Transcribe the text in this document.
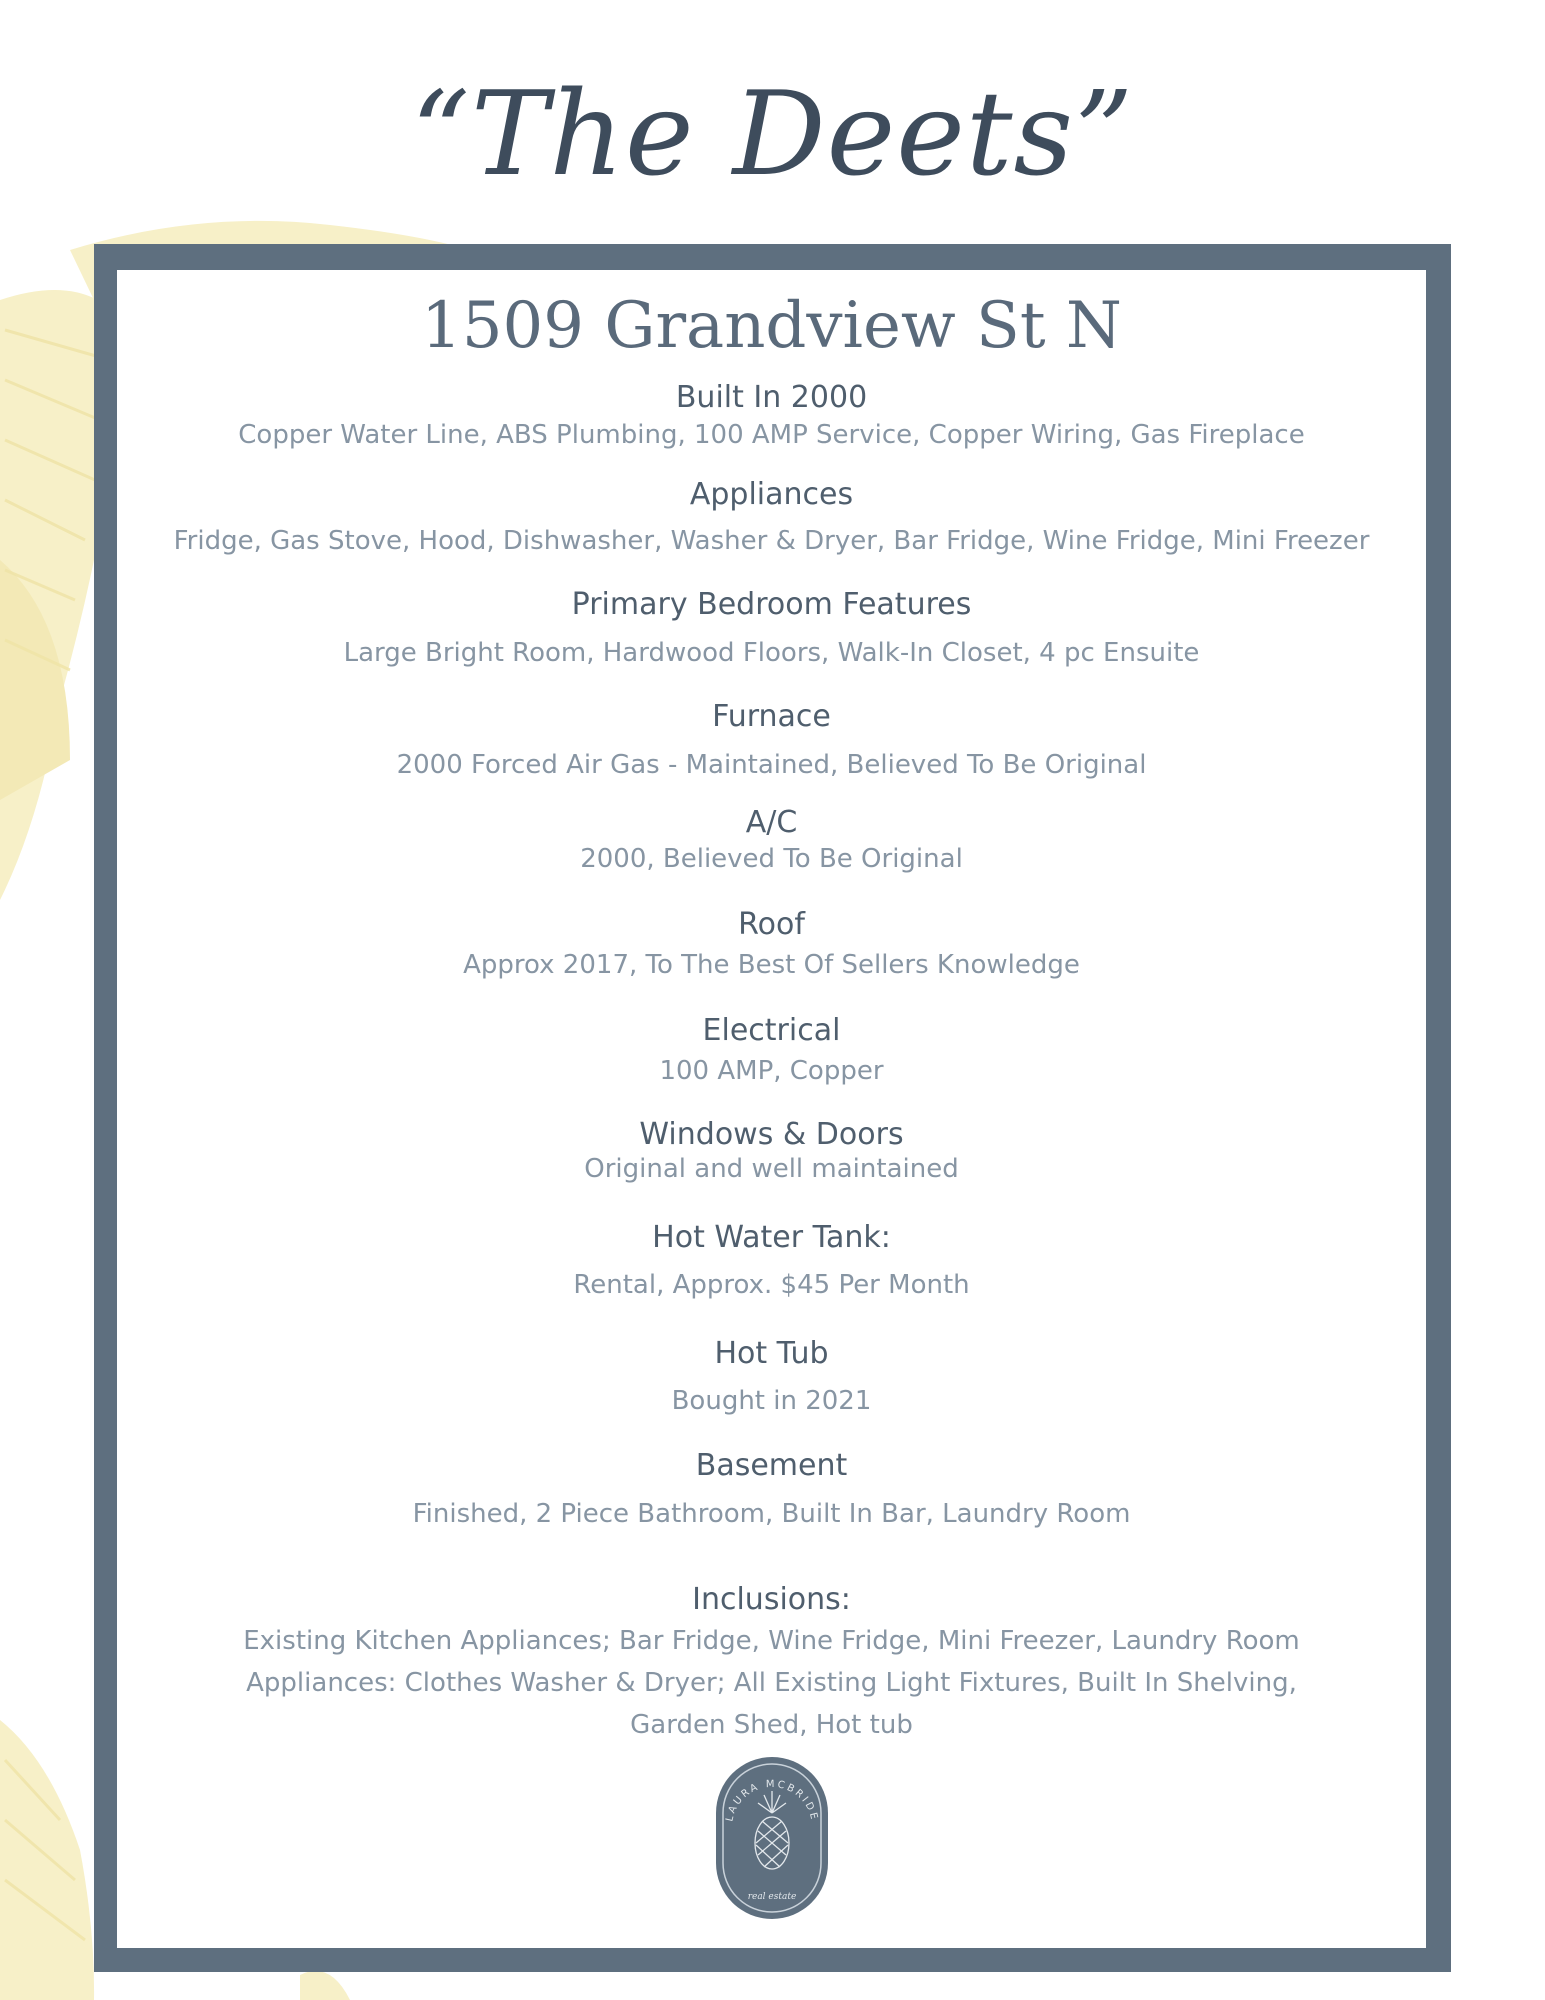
“The Deets”
1509 Grandview St N

Built In 2000

Copper Water Line, ABS Plumbing, 100 AMP Service, Copper Wiring, Gas Fireplace

Appliances

Fridge, Gas Stove, Hood, Dishwasher, Washer & Dryer, Bar Fridge, Wine Fridge, Mini Freezer

Primary Bedroom Features

Large Bright Room, Hardwood Floors, Walk-In Closet, 4 pc Ensuite

Furnace

2000 Forced Air Gas - Maintained, Believed To Be Original

A/C

2000, Believed To Be Original

Roof

Approx 2017, To The Best Of Sellers Knowledge

Electrical

100 AMP, Copper

Windows & Doors

Original and well maintained

Hot Water Tank:

Rental, Approx. $45 Per Month

Hot Tub

Bought in 2021

Basement

Finished, 2 Piece Bathroom, Built In Bar, Laundry Room

Inclusions:

Existing Kitchen Appliances; Bar Fridge, Wine Fridge, Mini Freezer, Laundry Room

Appliances: Clothes Washer & Dryer; All Existing Light Fixtures, Built In Shelving,

Garden Shed, Hot tub

LAURA MCBRIDE
real estate
